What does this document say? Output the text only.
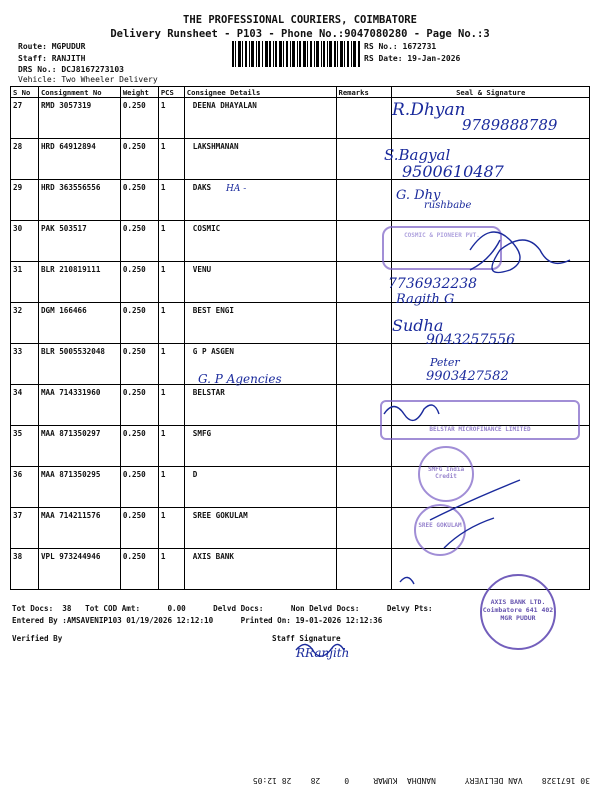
THE PROFESSIONAL COURIERS, COIMBATORE
Delivery Runsheet - P103 - Phone No.:9047080280 - Page No.:3
Route: MGPUDUR
Staff: RANJITH
DRS No.: DCJ8167273103
Vehicle: Two Wheeler Delivery
RS No.: 1672731
RS Date: 19-Jan-2026
S No	Consignment No	Weight	PCS	Consignee Details	Remarks	Seal & Signature
27	RMD 3057319	0.250	1	DEENA DHAYALAN		
28	HRD 64912894	0.250	1	LAKSHMANAN		
29	HRD 363556556	0.250	1	DAKS		
30	PAK 503517	0.250	1	COSMIC		
31	BLR 210819111	0.250	1	VENU		
32	DGM 166466	0.250	1	BEST ENGI		
33	BLR 5005532048	0.250	1	G P ASGEN		
34	MAA 714331960	0.250	1	BELSTAR		
35	MAA 871350297	0.250	1	SMFG		
36	MAA 871350295	0.250	1	D		
37	MAA 714211576	0.250	1	SREE GOKULAM		
38	VPL 973244946	0.250	1	AXIS BANK		
R.Dhyan
9789888789
S.Bagyal
9500610487
HA -	G. Dhy
rushbabe
7736932238
Ragith G
Sudha
9043257556
Peter
9903427582
G. P Agencies
COSMIC & PIONEER PVT.
BELSTAR MICROFINANCE LIMITED
SMFG India Credit
SREE GOKULAM
AXIS BANK LTD. Coimbatore 641 402 MGR PUDUR
Tot Docs:  38   Tot COD Amt:      0.00      Delvd Docs:      Non Delvd Docs:      Delvy Pts:
Entered By :AMSAVENIP103 01/19/2026 12:12:10      Printed On: 19-01-2026 12:12:36
Verified By	Staff Signature
RRanjith
30 1671328    VAN DELIVERY      NANDHA  KUMAR     0     28    28 12:05
